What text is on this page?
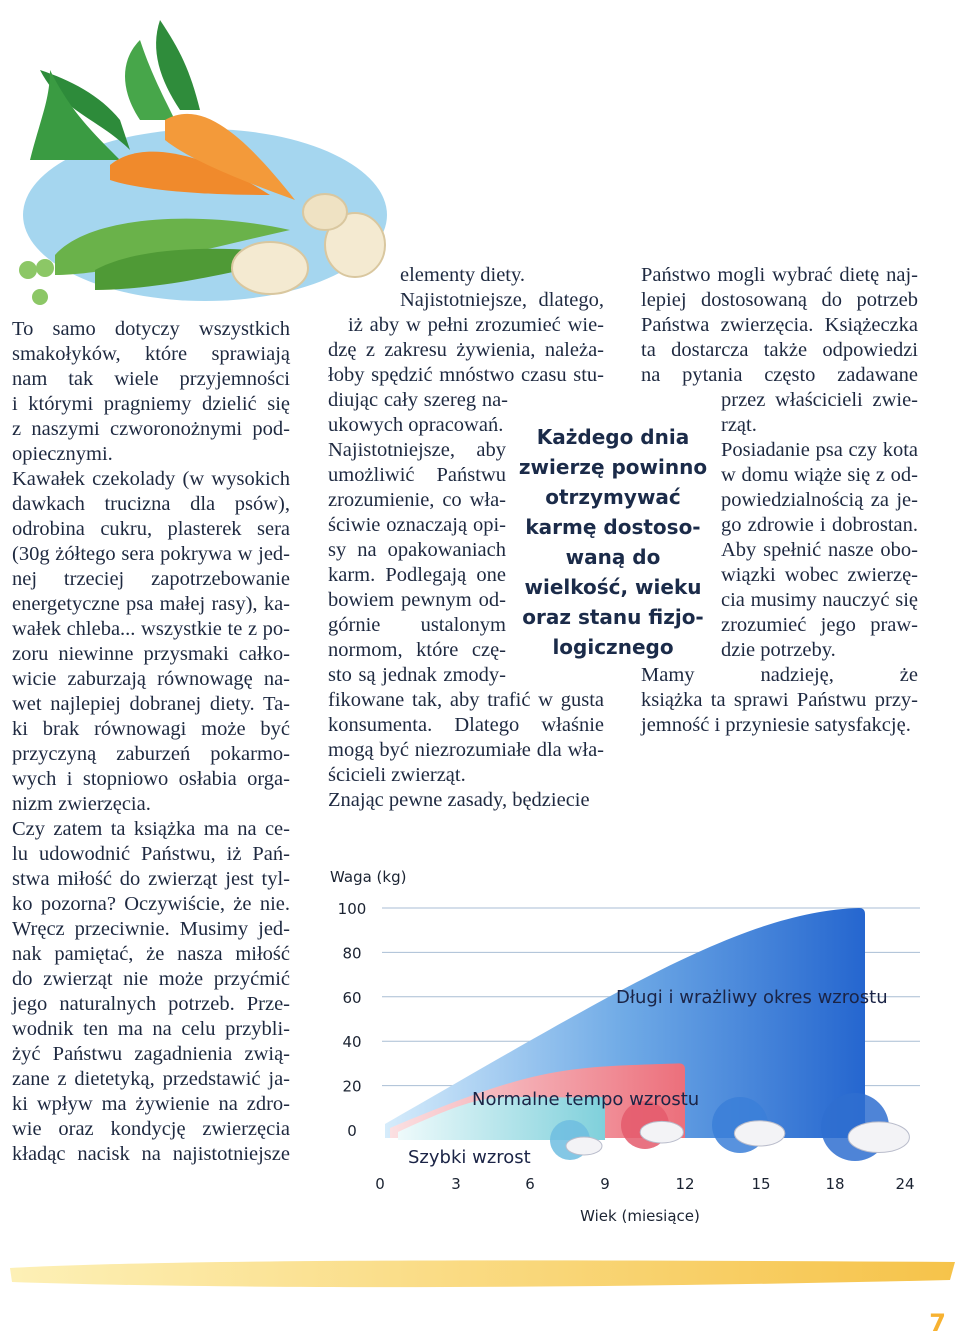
To samo dotyczy wszystkich
smakołyków, które sprawiają
nam tak wiele przyjemności
i którymi pragniemy dzielić się
z naszymi czworonożnymi pod-
opiecznymi.
Kawałek czekolady (w wysokich
dawkach trucizna dla psów),
odrobina cukru, plasterek sera
(30g żółtego sera pokrywa w jed-
nej trzeciej zapotrzebowanie
energetyczne psa małej rasy), ka-
wałek chleba... wszystkie te z po-
zoru niewinne przysmaki całko-
wicie zaburzają równowagę na-
wet najlepiej dobranej diety. Ta-
ki brak równowagi może być
przyczyną zaburzeń pokarmo-
wych i stopniowo osłabia orga-
nizm zwierzęcia.
Czy zatem ta książka ma na ce-
lu udowodnić Państwu, iż Pań-
stwa miłość do zwierząt jest tyl-
ko pozorna? Oczywiście, że nie.
Wręcz przeciwnie. Musimy jed-
nak pamiętać, że nasza miłość
do zwierząt nie może przyćmić
jego naturalnych potrzeb. Prze-
wodnik ten ma na celu przybli-
żyć Państwu zagadnienia zwią-
zane z dietetyką, przedstawić ja-
ki wpływ ma żywienie na zdro-
wie oraz kondycję zwierzęcia
kładąc nacisk na najistotniejsze
elementy diety.
Najistotniejsze, dlatego,
iż aby w pełni zrozumieć wie-
dzę z zakresu żywienia, należa-
łoby spędzić mnóstwo czasu stu-
diując cały szereg na-
ukowych opracowań.
Najistotniejsze, aby
umożliwić Państwu
zrozumienie, co wła-
ściwie oznaczają opi-
sy na opakowaniach
karm. Podlegają one
bowiem pewnym od-
górnie ustalonym
normom, które czę-
sto są jednak zmody-
fikowane tak, aby trafić w gusta
konsumenta. Dlatego właśnie
mogą być niezrozumiałe dla wła-
ścicieli zwierząt.
Znając pewne zasady, będziecie
Państwo mogli wybrać dietę naj-
lepiej dostosowaną do potrzeb
Państwa zwierzęcia. Książeczka
ta dostarcza także odpowiedzi
na pytania często zadawane
przez właścicieli zwie-
rząt.
Posiadanie psa czy kota
w domu wiąże się z od-
powiedzialnością za je-
go zdrowie i dobrostan.
Aby spełnić nasze obo-
wiązki wobec zwierzę-
cia musimy nauczyć się
zrozumieć jego praw-
dzie potrzeby.
Mamy nadzieję, że
książka ta sprawi Państwu przy-
jemność i przyniesie satysfakcję.
Każdego dnia
zwierzę powinno
otrzymywać
karmę dostoso-
waną do
wielkość, wieku
oraz stanu fizjo-
logicznego
100
80
60
40
20
0
0	3	6	9	12	15	18	24
Waga (kg)
Wiek (miesiące)
Długi i wrażliwy okres wzrostu
Normalne tempo wzrostu
Szybki wzrost
7
